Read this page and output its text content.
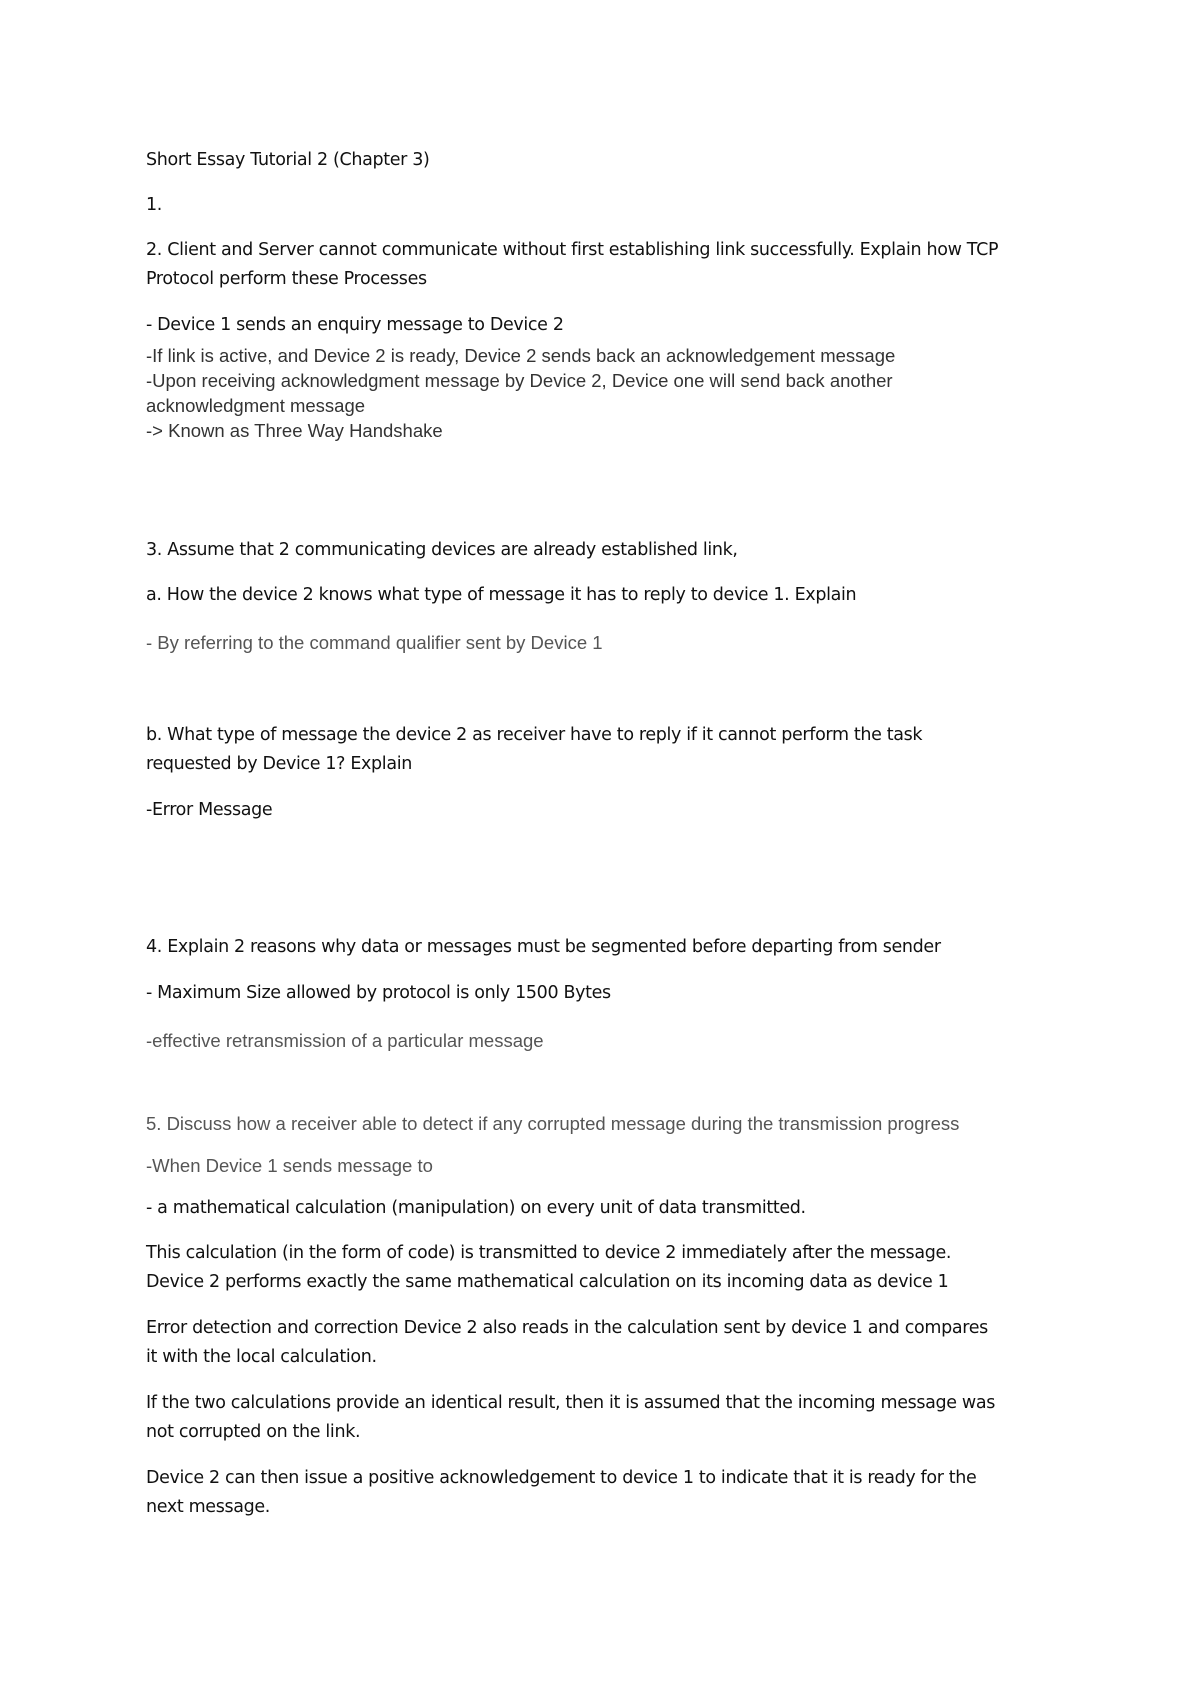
Short Essay Tutorial 2 (Chapter 3)

1.

2. Client and Server cannot communicate without first establishing link successfully. Explain how TCP

Protocol perform these Processes

- Device 1 sends an enquiry message to Device 2

-If link is active, and Device 2 is ready, Device 2 sends back an acknowledgement message

-Upon receiving acknowledgment message by Device 2, Device one will send back another

acknowledgment message

-> Known as Three Way Handshake

3. Assume that 2 communicating devices are already established link,

a. How the device 2 knows what type of message it has to reply to device 1. Explain

- By referring to the command qualifier sent by Device 1

b. What type of message the device 2 as receiver have to reply if it cannot perform the task

requested by Device 1? Explain

-Error Message

4. Explain 2 reasons why data or messages must be segmented before departing from sender

- Maximum Size allowed by protocol is only 1500 Bytes

-effective retransmission of a particular message

5. Discuss how a receiver able to detect if any corrupted message during the transmission progress

-When Device 1 sends message to

- a mathematical calculation (manipulation) on every unit of data transmitted.

This calculation (in the form of code) is transmitted to device 2 immediately after the message.

Device 2 performs exactly the same mathematical calculation on its incoming data as device 1

Error detection and correction Device 2 also reads in the calculation sent by device 1 and compares

it with the local calculation.

If the two calculations provide an identical result, then it is assumed that the incoming message was

not corrupted on the link.

Device 2 can then issue a positive acknowledgement to device 1 to indicate that it is ready for the

next message.
